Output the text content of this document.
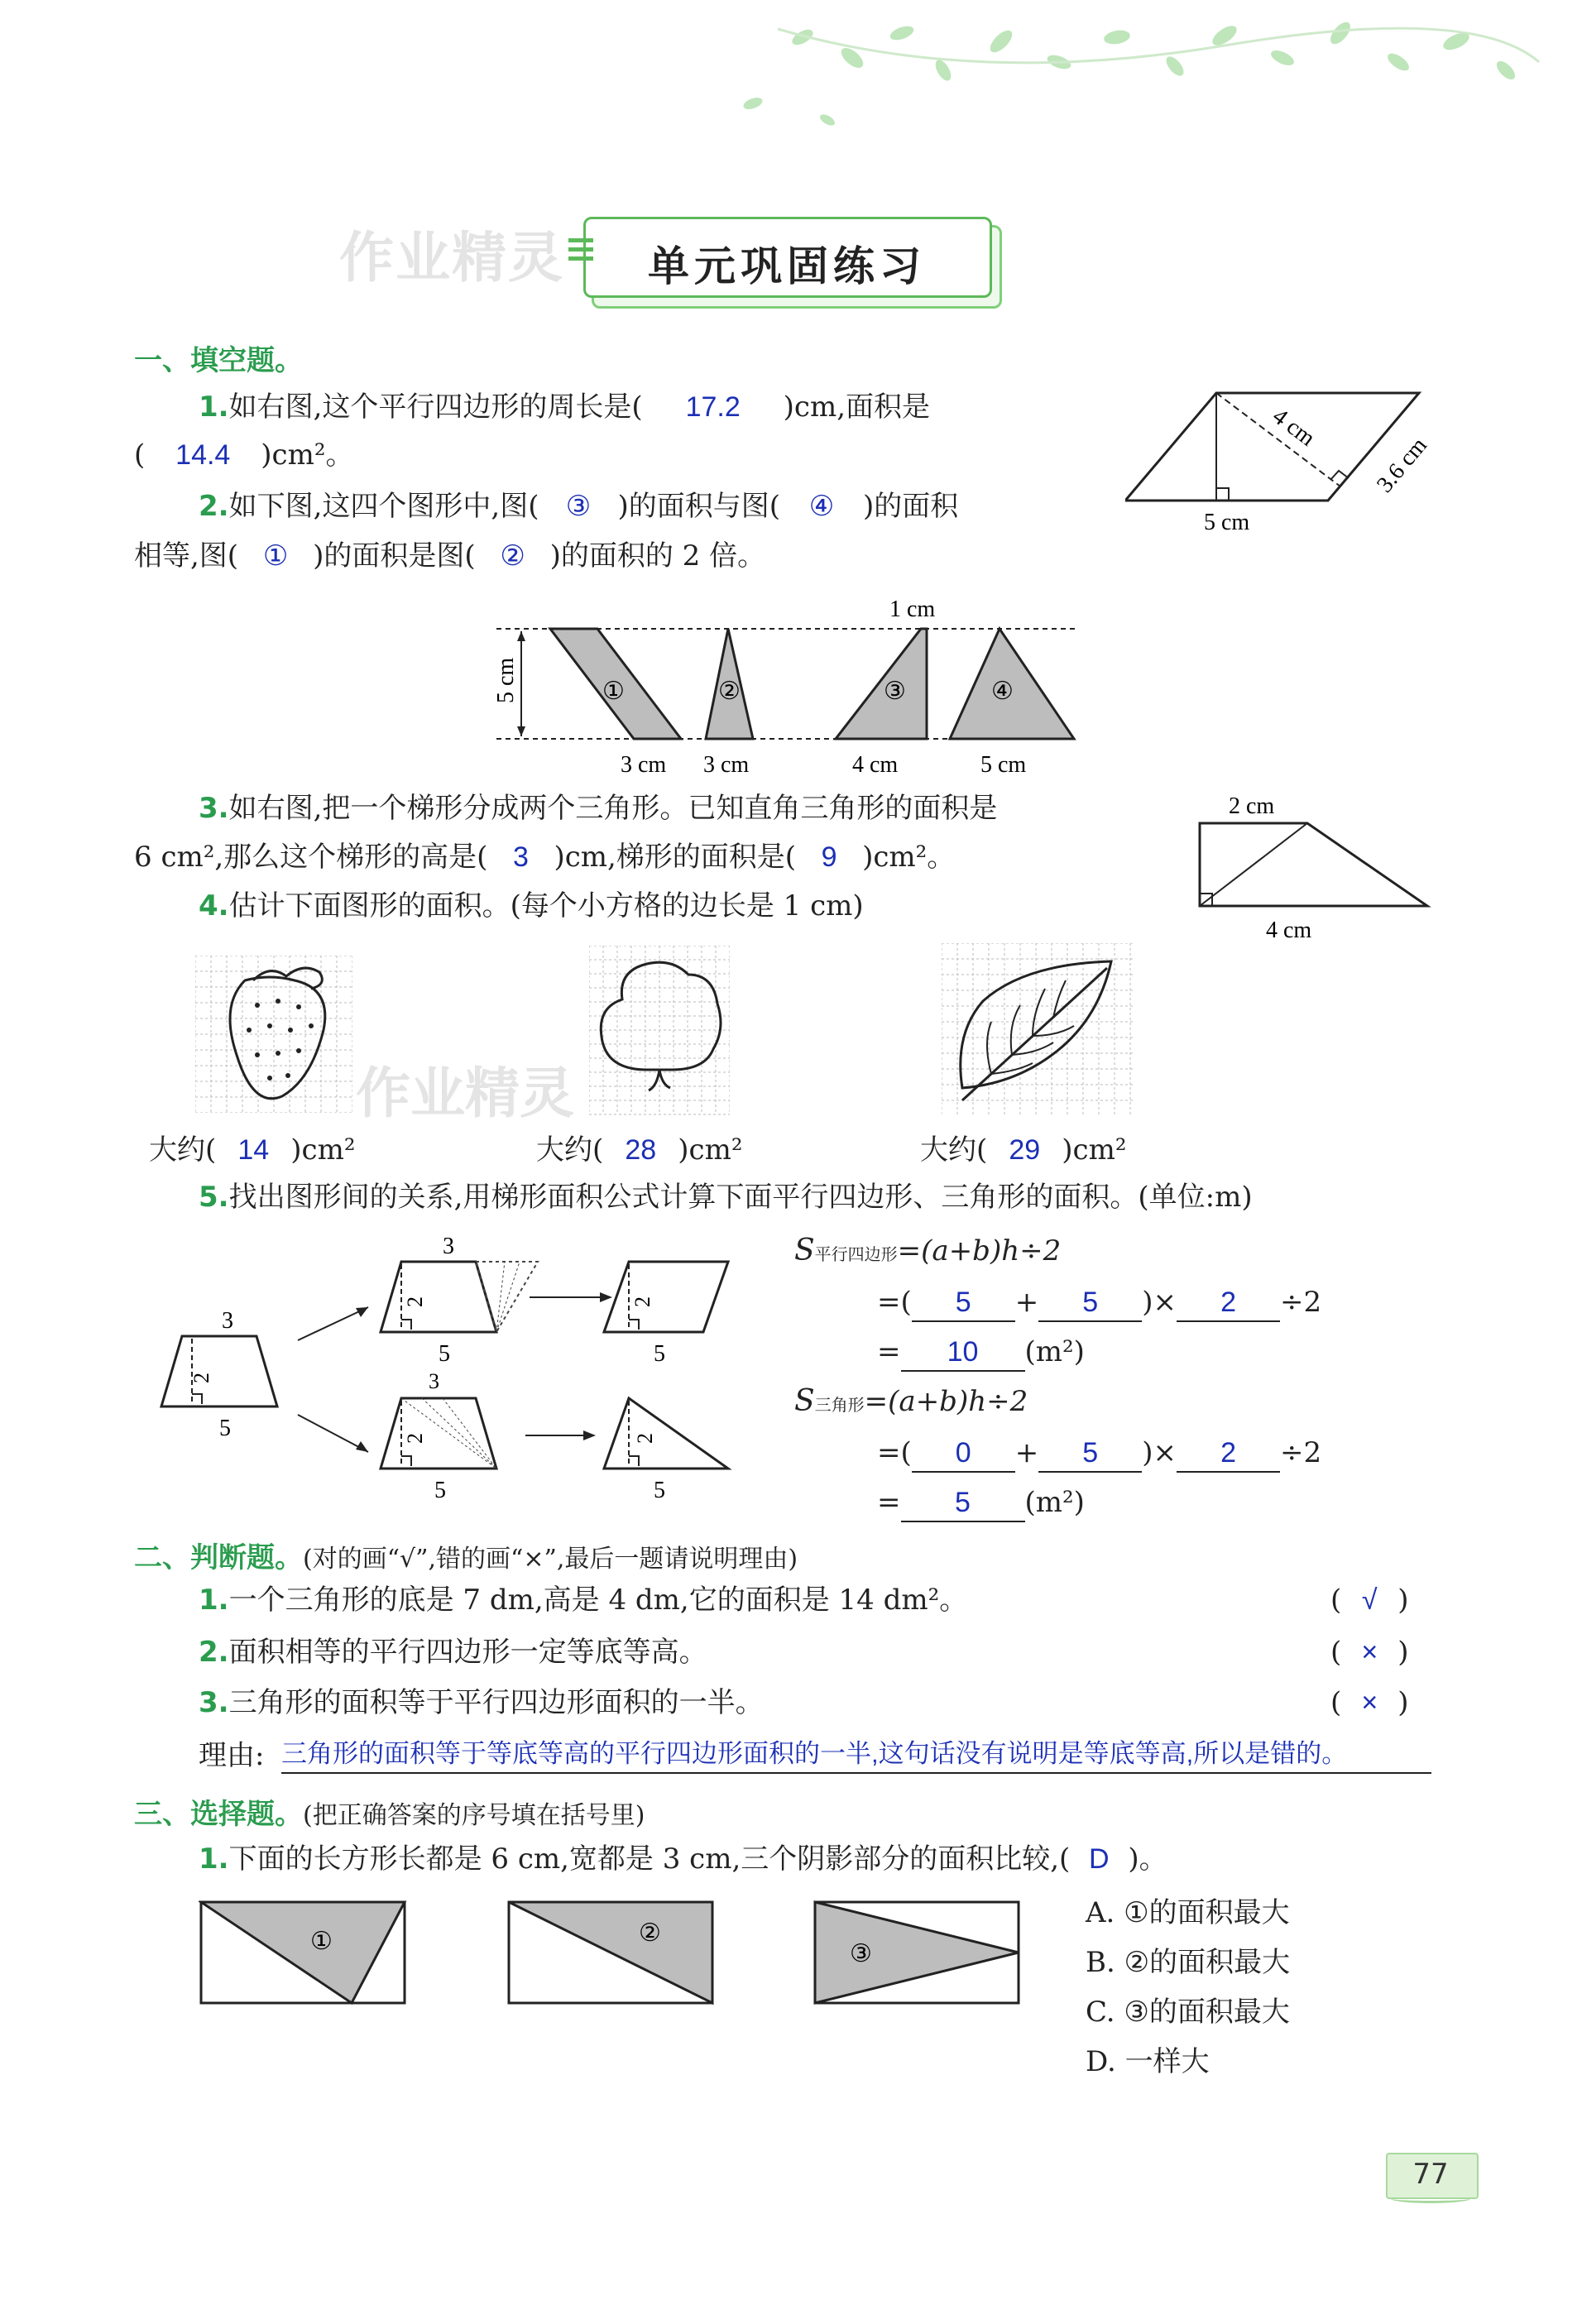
作业精灵 单元巩固练习
一、填空题。
1.如右图,这个平行四边形的周长是( 17.2 )cm,面积是
( 14.4 )cm²。
5 cm
4 cm
3.6 cm
2.如下图,这四个图形中,图( ③ )的面积与图( ④ )的面积
相等,图( ① )的面积是图( ② )的面积的 2 倍。
5 cm
1 cm
①	②	③	④
3 cm 3 cm	4 cm	5 cm
3.如右图,把一个梯形分成两个三角形。已知直角三角形的面积是
6 cm²,那么这个梯形的高是( 3 )cm,梯形的面积是( 9 )cm²。
2 cm
4 cm
4.估计下面图形的面积。(每个小方格的边长是 1 cm)
作业精灵
大约( 14 )cm²	大约( 28 )cm²	大约( 29 )cm²
5.找出图形间的关系,用梯形面积公式计算下面平行四边形、三角形的面积。(单位:m)
3
2
5
3
2
5
2
5
3
2
5
2
5
S平行四边形=(a+b)h÷2
=( 5 + 5 )× 2 ÷2
= 10 (m²)
S三角形=(a+b)h÷2
=( 0 + 5 )× 2 ÷2
= 5 (m²)
二、判断题。(对的画“√”,错的画“×”,最后一题请说明理由)
1.一个三角形的底是 7 dm,高是 4 dm,它的面积是 14 dm²。	( √ )
2.面积相等的平行四边形一定等底等高。	( × )
3.三角形的面积等于平行四边形面积的一半。	( × )
理由: 三角形的面积等于等底等高的平行四边形面积的一半,这句话没有说明是等底等高,所以是错的。
三、选择题。(把正确答案的序号填在括号里)
1.下面的长方形长都是 6 cm,宽都是 3 cm,三个阴影部分的面积比较,( D )。
①	②
③
A. ①的面积最大
B. ②的面积最大
C. ③的面积最大
D. 一样大
77
